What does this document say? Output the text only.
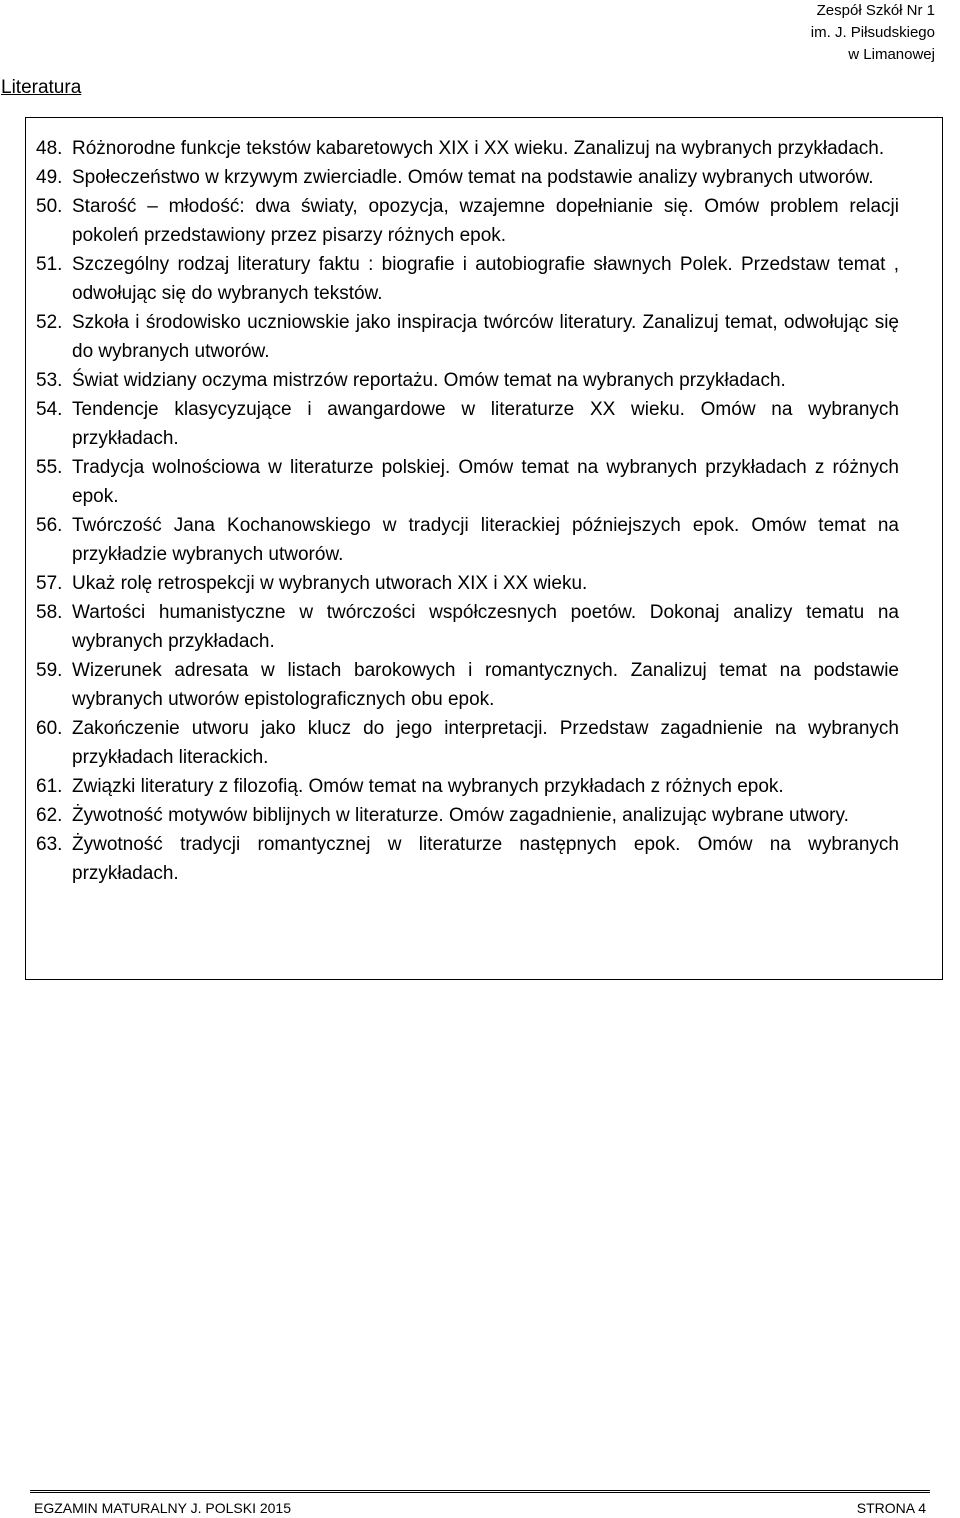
Zespół Szkół Nr 1
im. J. Piłsudskiego
w Limanowej
Literatura
48. Różnorodne funkcje tekstów kabaretowych XIX i XX wieku. Zanalizuj na wybranych przykładach.
49. Społeczeństwo w krzywym zwierciadle. Omów temat na podstawie analizy wybranych utworów.
50. Starość – młodość: dwa światy, opozycja, wzajemne dopełnianie się. Omów problem relacji pokoleń przedstawiony przez pisarzy różnych epok.
51. Szczególny rodzaj literatury faktu : biografie i autobiografie sławnych Polek. Przedstaw temat , odwołując się do wybranych tekstów.
52. Szkoła i środowisko uczniowskie jako inspiracja twórców literatury. Zanalizuj temat, odwołując się do wybranych utworów.
53. Świat widziany oczyma mistrzów reportażu. Omów temat na wybranych przykładach.
54. Tendencje klasycyzujące i awangardowe w literaturze XX wieku. Omów na wybranych przykładach.
55. Tradycja wolnościowa w literaturze polskiej. Omów temat na wybranych przykładach z różnych epok.
56. Twórczość Jana Kochanowskiego w tradycji literackiej późniejszych epok. Omów temat na przykładzie wybranych utworów.
57. Ukaż rolę retrospekcji w wybranych utworach XIX i XX wieku.
58. Wartości humanistyczne w twórczości współczesnych poetów. Dokonaj analizy tematu na wybranych przykładach.
59. Wizerunek adresata w listach barokowych i romantycznych. Zanalizuj temat na podstawie wybranych utworów epistolograficznych obu epok.
60. Zakończenie utworu jako klucz do jego interpretacji. Przedstaw zagadnienie na wybranych przykładach literackich.
61. Związki literatury z filozofią. Omów temat na wybranych przykładach z różnych epok.
62. Żywotność motywów biblijnych w literaturze. Omów zagadnienie, analizując wybrane utwory.
63. Żywotność tradycji romantycznej w literaturze następnych epok. Omów na wybranych przykładach.
EGZAMIN MATURALNY J. POLSKI 2015	STRONA 4
